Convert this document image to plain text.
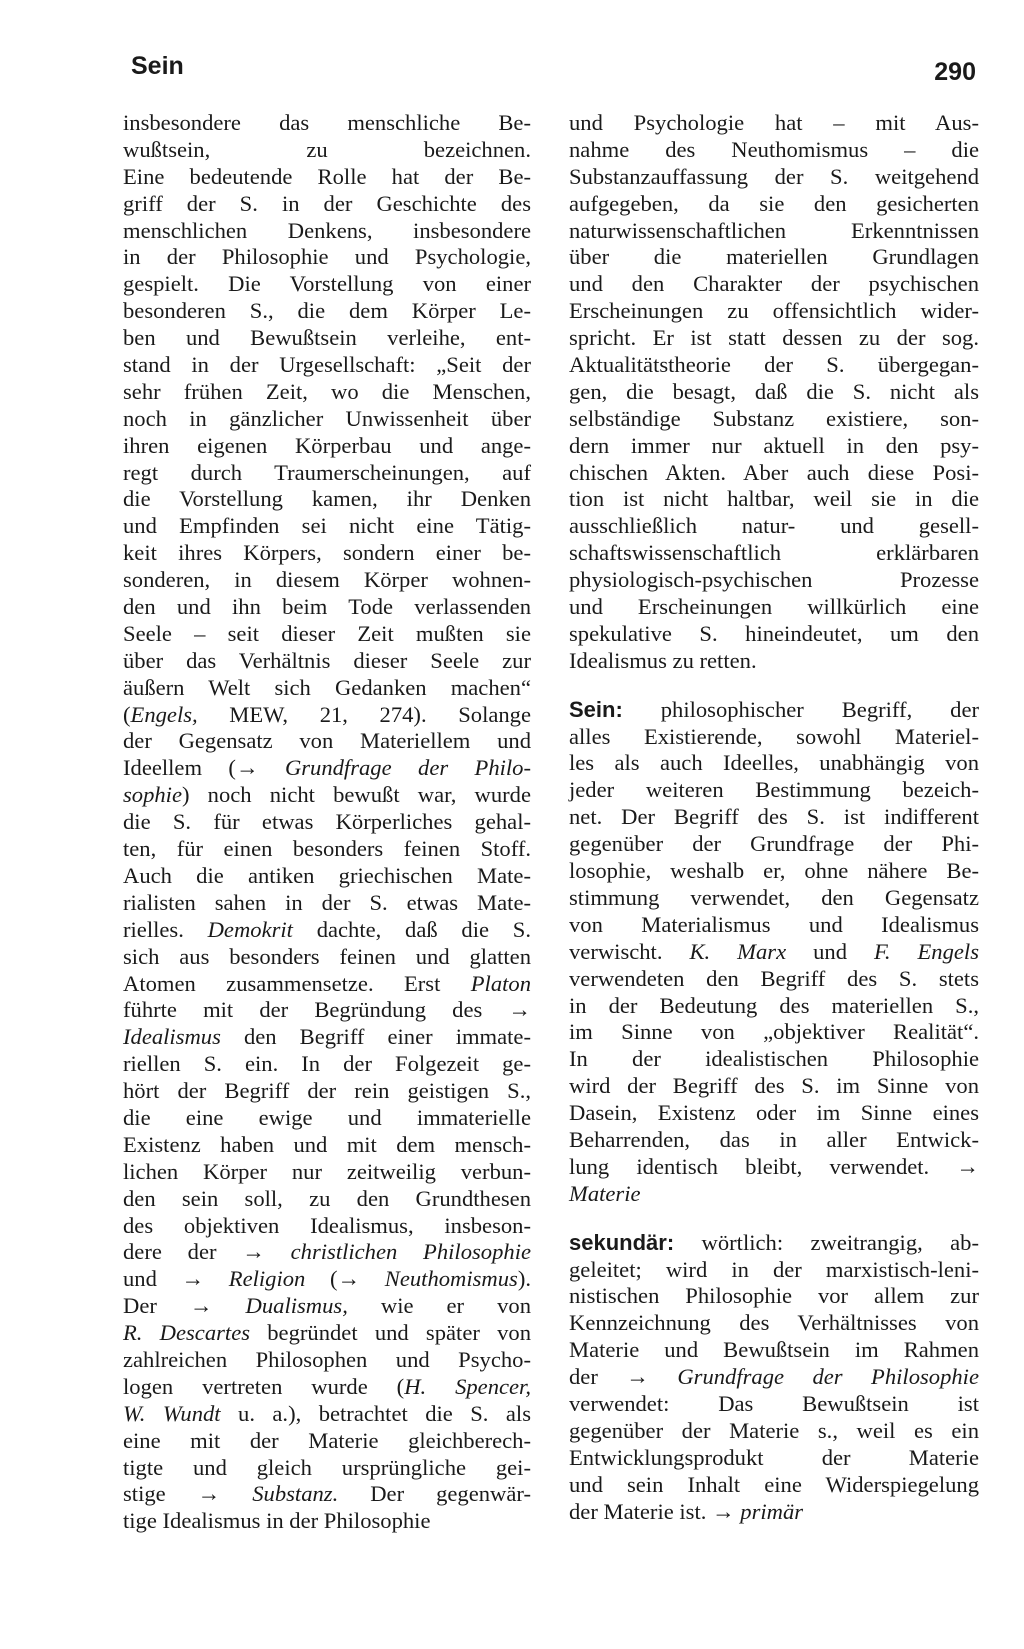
Sein	290
insbesondere das menschliche Be-
wußtsein, zu bezeichnen.
Eine bedeutende Rolle hat der Be-
griff der S. in der Geschichte des
menschlichen Denkens, insbesondere
in der Philosophie und Psychologie,
gespielt. Die Vorstellung von einer
besonderen S., die dem Körper Le-
ben und Bewußtsein verleihe, ent-
stand in der Urgesellschaft: „Seit der
sehr frühen Zeit, wo die Menschen,
noch in gänzlicher Unwissenheit über
ihren eigenen Körperbau und ange-
regt durch Traumerscheinungen, auf
die Vorstellung kamen, ihr Denken
und Empfinden sei nicht eine Tätig-
keit ihres Körpers, sondern einer be-
sonderen, in diesem Körper wohnen-
den und ihn beim Tode verlassenden
Seele – seit dieser Zeit mußten sie
über das Verhältnis dieser Seele zur
äußern Welt sich Gedanken machen“
(Engels, MEW, 21, 274). Solange
der Gegensatz von Materiellem und
Ideellem (→ Grundfrage der Philo-
sophie) noch nicht bewußt war, wurde
die S. für etwas Körperliches gehal-
ten, für einen besonders feinen Stoff.
Auch die antiken griechischen Mate-
rialisten sahen in der S. etwas Mate-
rielles. Demokrit dachte, daß die S.
sich aus besonders feinen und glatten
Atomen zusammensetze. Erst Platon
führte mit der Begründung des →
Idealismus den Begriff einer immate-
riellen S. ein. In der Folgezeit ge-
hört der Begriff der rein geistigen S.,
die eine ewige und immaterielle
Existenz haben und mit dem mensch-
lichen Körper nur zeitweilig verbun-
den sein soll, zu den Grundthesen
des objektiven Idealismus, insbeson-
dere der → christlichen Philosophie
und → Religion (→ Neuthomismus).
Der → Dualismus, wie er von
R. Descartes begründet und später von
zahlreichen Philosophen und Psycho-
logen vertreten wurde (H. Spencer,
W. Wundt u. a.), betrachtet die S. als
eine mit der Materie gleichberech-
tigte und gleich ursprüngliche gei-
stige → Substanz. Der gegenwär-
tige Idealismus in der Philosophie
und Psychologie hat – mit Aus-
nahme des Neuthomismus – die
Substanzauffassung der S. weitgehend
aufgegeben, da sie den gesicherten
naturwissenschaftlichen Erkenntnissen
über die materiellen Grundlagen
und den Charakter der psychischen
Erscheinungen zu offensichtlich wider-
spricht. Er ist statt dessen zu der sog.
Aktualitätstheorie der S. übergegan-
gen, die besagt, daß die S. nicht als
selbständige Substanz existiere, son-
dern immer nur aktuell in den psy-
chischen Akten. Aber auch diese Posi-
tion ist nicht haltbar, weil sie in die
ausschließlich natur- und gesell-
schaftswissenschaftlich erklärbaren
physiologisch-psychischen Prozesse
und Erscheinungen willkürlich eine
spekulative S. hineindeutet, um den
Idealismus zu retten.
Sein: philosophischer Begriff, der
alles Existierende, sowohl Materiel-
les als auch Ideelles, unabhängig von
jeder weiteren Bestimmung bezeich-
net. Der Begriff des S. ist indifferent
gegenüber der Grundfrage der Phi-
losophie, weshalb er, ohne nähere Be-
stimmung verwendet, den Gegensatz
von Materialismus und Idealismus
verwischt. K. Marx und F. Engels
verwendeten den Begriff des S. stets
in der Bedeutung des materiellen S.,
im Sinne von „objektiver Realität“.
In der idealistischen Philosophie
wird der Begriff des S. im Sinne von
Dasein, Existenz oder im Sinne eines
Beharrenden, das in aller Entwick-
lung identisch bleibt, verwendet. →
Materie
sekundär: wörtlich: zweitrangig, ab-
geleitet; wird in der marxistisch-leni-
nistischen Philosophie vor allem zur
Kennzeichnung des Verhältnisses von
Materie und Bewußtsein im Rahmen
der → Grundfrage der Philosophie
verwendet: Das Bewußtsein ist
gegenüber der Materie s., weil es ein
Entwicklungsprodukt der Materie
und sein Inhalt eine Widerspiegelung
der Materie ist. → primär
